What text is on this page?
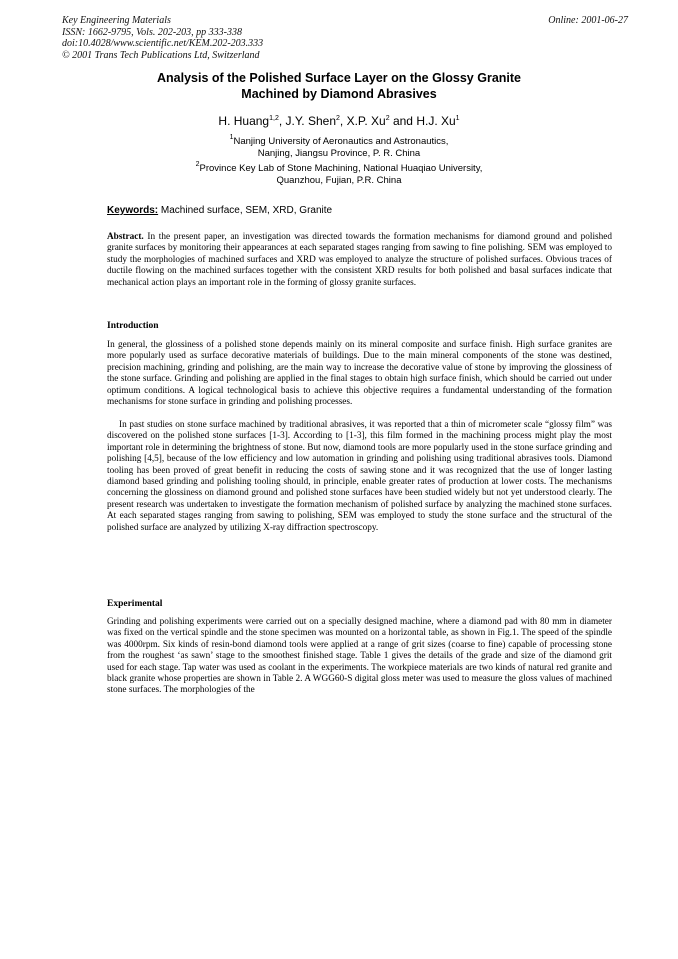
Key Engineering Materials
ISSN: 1662-9795, Vols. 202-203, pp 333-338
doi:10.4028/www.scientific.net/KEM.202-203.333
© 2001 Trans Tech Publications Ltd, Switzerland
Online: 2001-06-27
Analysis of the Polished Surface Layer on the Glossy Granite
Machined by Diamond Abrasives
H. Huang$^{1,2}$, J.Y. Shen$^2$, X.P. Xu$^2$ and H.J. Xu$^1$
$^1$Nanjing University of Aeronautics and Astronautics,
Nanjing, Jiangsu Province, P. R. China
$^2$Province Key Lab of Stone Machining, National Huaqiao University,
Quanzhou, Fujian, P.R. China
Keywords: Machined surface, SEM, XRD, Granite
Abstract. In the present paper, an investigation was directed towards the formation mechanisms for diamond ground and polished granite surfaces by monitoring their appearances at each separated stages ranging from sawing to fine polishing. SEM was employed to study the morphologies of machined surfaces and XRD was employed to analyze the structure of polished surfaces. Obvious traces of ductile flowing on the machined surfaces together with the consistent XRD results for both polished and basal surfaces indicate that mechanical action plays an important role in the forming of glossy granite surfaces.
Introduction
In general, the glossiness of a polished stone depends mainly on its mineral composite and surface finish. High surface granites are more popularly used as surface decorative materials of buildings. Due to the main mineral components of the stone was destined, precision machining, grinding and polishing, are the main way to increase the decorative value of stone by improving the glossiness of the stone surface. Grinding and polishing are applied in the final stages to obtain high surface finish, which should be carried out under optimum conditions. A logical technological basis to achieve this objective requires a fundamental understanding of the formation mechanisms for stone surface in grinding and polishing processes.
In past studies on stone surface machined by traditional abrasives, it was reported that a thin of micrometer scale “glossy film” was discovered on the polished stone surfaces [1-3]. According to [1-3], this film formed in the machining process might play the most important role in determining the brightness of stone. But now, diamond tools are more popularly used in the stone surface grinding and polishing [4,5], because of the low efficiency and low automation in grinding and polishing using traditional abrasives tools. Diamond tooling has been proved of great benefit in reducing the costs of sawing stone and it was recognized that the use of longer lasting diamond based grinding and polishing tooling should, in principle, enable greater rates of production at lower costs. The mechanisms concerning the glossiness on diamond ground and polished stone surfaces have been studied widely but not yet understood clearly. The present research was undertaken to investigate the formation mechanism of polished surface by analyzing the machined stone surfaces. At each separated stages ranging from sawing to polishing, SEM was employed to study the stone surface and the structural of the polished surface are analyzed by utilizing X-ray diffraction spectroscopy.
Experimental
Grinding and polishing experiments were carried out on a specially designed machine, where a diamond pad with 80 mm in diameter was fixed on the vertical spindle and the stone specimen was mounted on a horizontal table, as shown in Fig.1. The speed of the spindle was 4000rpm. Six kinds of resin-bond diamond tools were applied at a range of grit sizes (coarse to fine) capable of processing stone from the roughest ‘as sawn’ stage to the smoothest finished stage. Table 1 gives the details of the grade and size of the diamond grit used for each stage. Tap water was used as coolant in the experiments. The workpiece materials are two kinds of natural red granite and black granite whose properties are shown in Table 2. A WGG60-S digital gloss meter was used to measure the gloss values of machined stone surfaces. The morphologies of the
